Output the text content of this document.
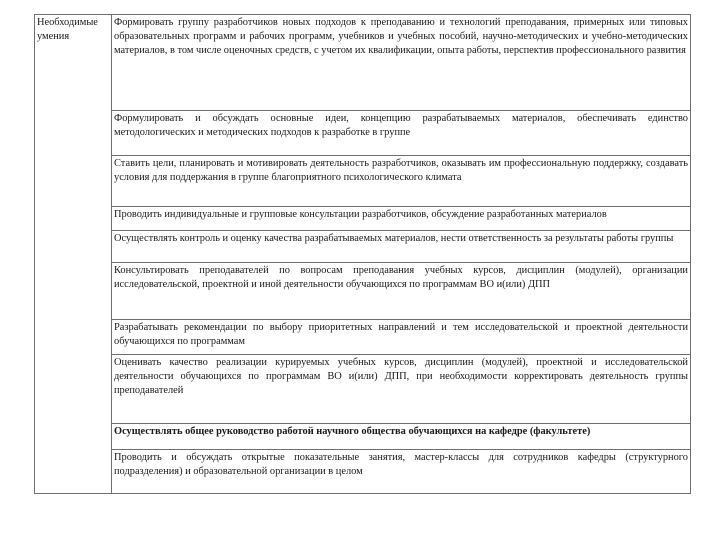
Необходимые умения	Формировать группу разработчиков новых подходов к преподаванию и технологий преподавания, примерных или типовых образовательных программ и рабочих программ, учебников и учебных пособий, научно-методических и учебно-методических материалов, в том числе оценочных средств, с учетом их квалификации, опыта работы, перспектив профессионального развития
Формулировать и обсуждать основные идеи, концепцию разрабатываемых материалов, обеспечивать единство методологических и методических подходов к разработке в группе
Ставить цели, планировать и мотивировать деятельность разработчиков, оказывать им профессиональную поддержку, создавать условия для поддержания в группе благоприятного психологического климата
Проводить индивидуальные и групповые консультации разработчиков, обсуждение разработанных материалов
Осуществлять контроль и оценку качества разрабатываемых материалов, нести ответственность за результаты работы группы
Консультировать преподавателей по вопросам преподавания учебных курсов, дисциплин (модулей), организации исследовательской, проектной и иной деятельности обучающихся по программам ВО и(или) ДПП
Разрабатывать рекомендации по выбору приоритетных направлений и тем исследовательской и проектной деятельности обучающихся по программам
Оценивать качество реализации курируемых учебных курсов, дисциплин (модулей), проектной и исследовательской деятельности обучающихся по программам ВО и(или) ДПП, при необходимости корректировать деятельность группы преподавателей
Осуществлять общее руководство работой научного общества обучающихся на кафедре (факультете)
Проводить и обсуждать открытые показательные занятия, мастер-классы для сотрудников кафедры (структурного подразделения) и образовательной организации в целом
